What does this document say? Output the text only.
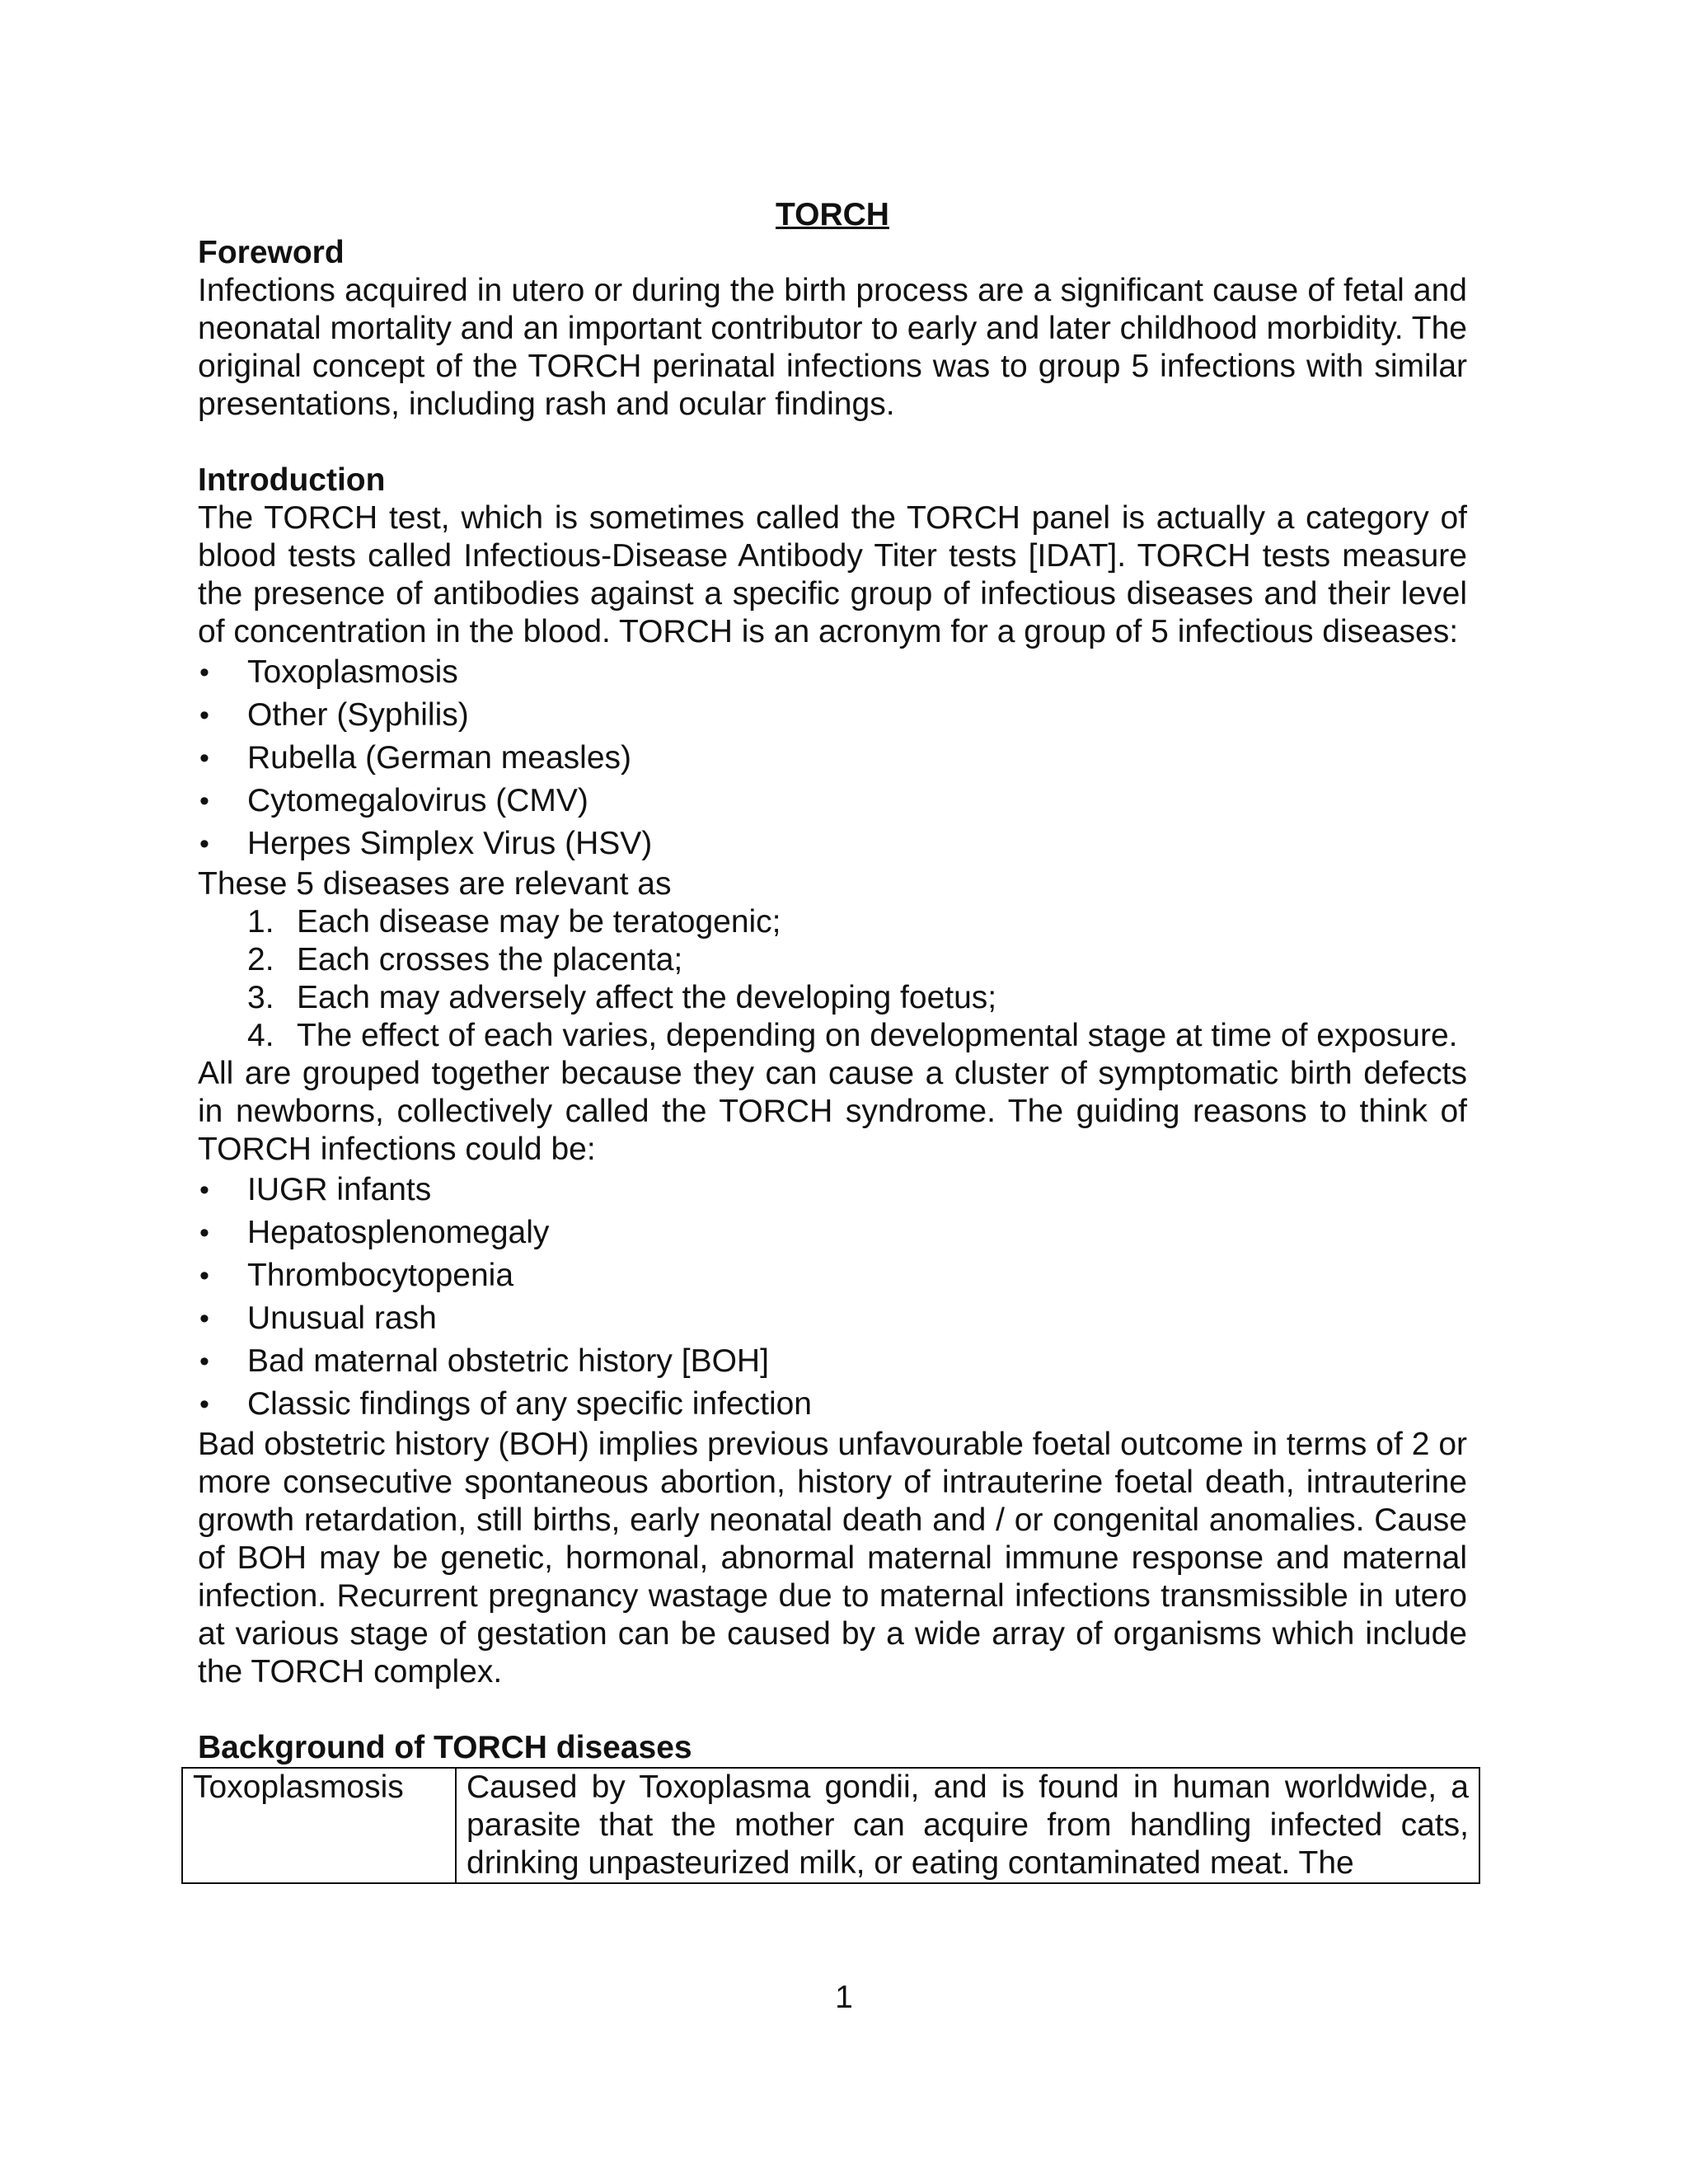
TORCH

Foreword

Infections acquired in utero or during the birth process are a significant cause of fetal and neonatal mortality and an important contributor to early and later childhood morbidity. The original concept of the TORCH perinatal infections was to group 5 infections with similar presentations, including rash and ocular findings.

Introduction

The TORCH test, which is sometimes called the TORCH panel is actually a category of blood tests called Infectious-Disease Antibody Titer tests [IDAT]. TORCH tests measure the presence of antibodies against a specific group of infectious diseases and their level of concentration in the blood. TORCH is an acronym for a group of 5 infectious diseases:

• Toxoplasmosis
• Other (Syphilis)
• Rubella (German measles)
• Cytomegalovirus (CMV)
• Herpes Simplex Virus (HSV)

These 5 diseases are relevant as

1. Each disease may be teratogenic;
2. Each crosses the placenta;
3. Each may adversely affect the developing foetus;
4. The effect of each varies, depending on developmental stage at time of exposure.

All are grouped together because they can cause a cluster of symptomatic birth defects in newborns, collectively called the TORCH syndrome. The guiding reasons to think of TORCH infections could be:

• IUGR infants
• Hepatosplenomegaly
• Thrombocytopenia
• Unusual rash
• Bad maternal obstetric history [BOH]
• Classic findings of any specific infection

Bad obstetric history (BOH) implies previous unfavourable foetal outcome in terms of 2 or more consecutive spontaneous abortion, history of intrauterine foetal death, intrauterine growth retardation, still births, early neonatal death and / or congenital anomalies. Cause of BOH may be genetic, hormonal, abnormal maternal immune response and maternal infection. Recurrent pregnancy wastage due to maternal infections transmissible in utero at various stage of gestation can be caused by a wide array of organisms which include the TORCH complex.

Background of TORCH diseases

Toxoplasmosis	Caused by Toxoplasma gondii, and is found in human worldwide, a parasite that the mother can acquire from handling infected cats, drinking unpasteurized milk, or eating contaminated meat. The
1
